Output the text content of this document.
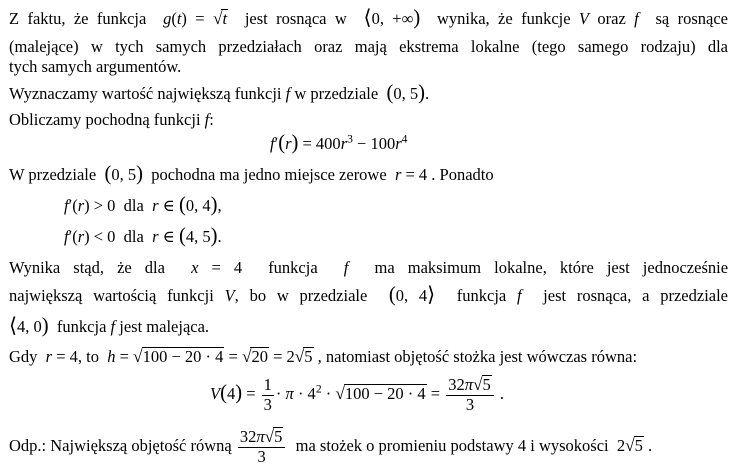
Z faktu, że funkcja  g(t) = √t  jest rosnąca w  ⟨0, +∞)  wynika, że funkcje V oraz f  są rosnące
(malejące) w tych samych przedziałach oraz mają ekstrema lokalne (tego samego rodzaju) dla
tych samych argumentów.
Wyznaczamy wartość największą funkcji f w przedziale  (0, 5).
Obliczamy pochodną funkcji f:
$f'(r) = 400r^3 - 100r^4$
W przedziale  (0, 5)  pochodna ma jedno miejsce zerowe  r = 4 . Ponadto
f′(r) > 0  dla  r ∈ (0, 4),
f′(r) < 0  dla  r ∈ (4, 5).
Wynika stąd, że dla  x = 4  funkcja  f  ma maksimum lokalne, które jest jednocześnie
największą wartością funkcji V, bo w przedziale  (0, 4⟩  funkcja f  jest rosnąca, a przedziale
⟨4, 0)  funkcja f jest malejąca.
Gdy  r = 4, to  h = √100 − 20 · 4 = √20 = 2√5 , natomiast objętość stożka jest wówczas równa:
$V(4) = \frac{1}{3} \cdot \pi \cdot 4^2 \cdot √100 - 20 \cdot 4 = \frac{32\pi√5}{3}$ .
Odp.: Największą objętość równą $\frac{32\pi√5}{3}$ ma stożek o promieniu podstawy 4 i wysokości  2√5 .
